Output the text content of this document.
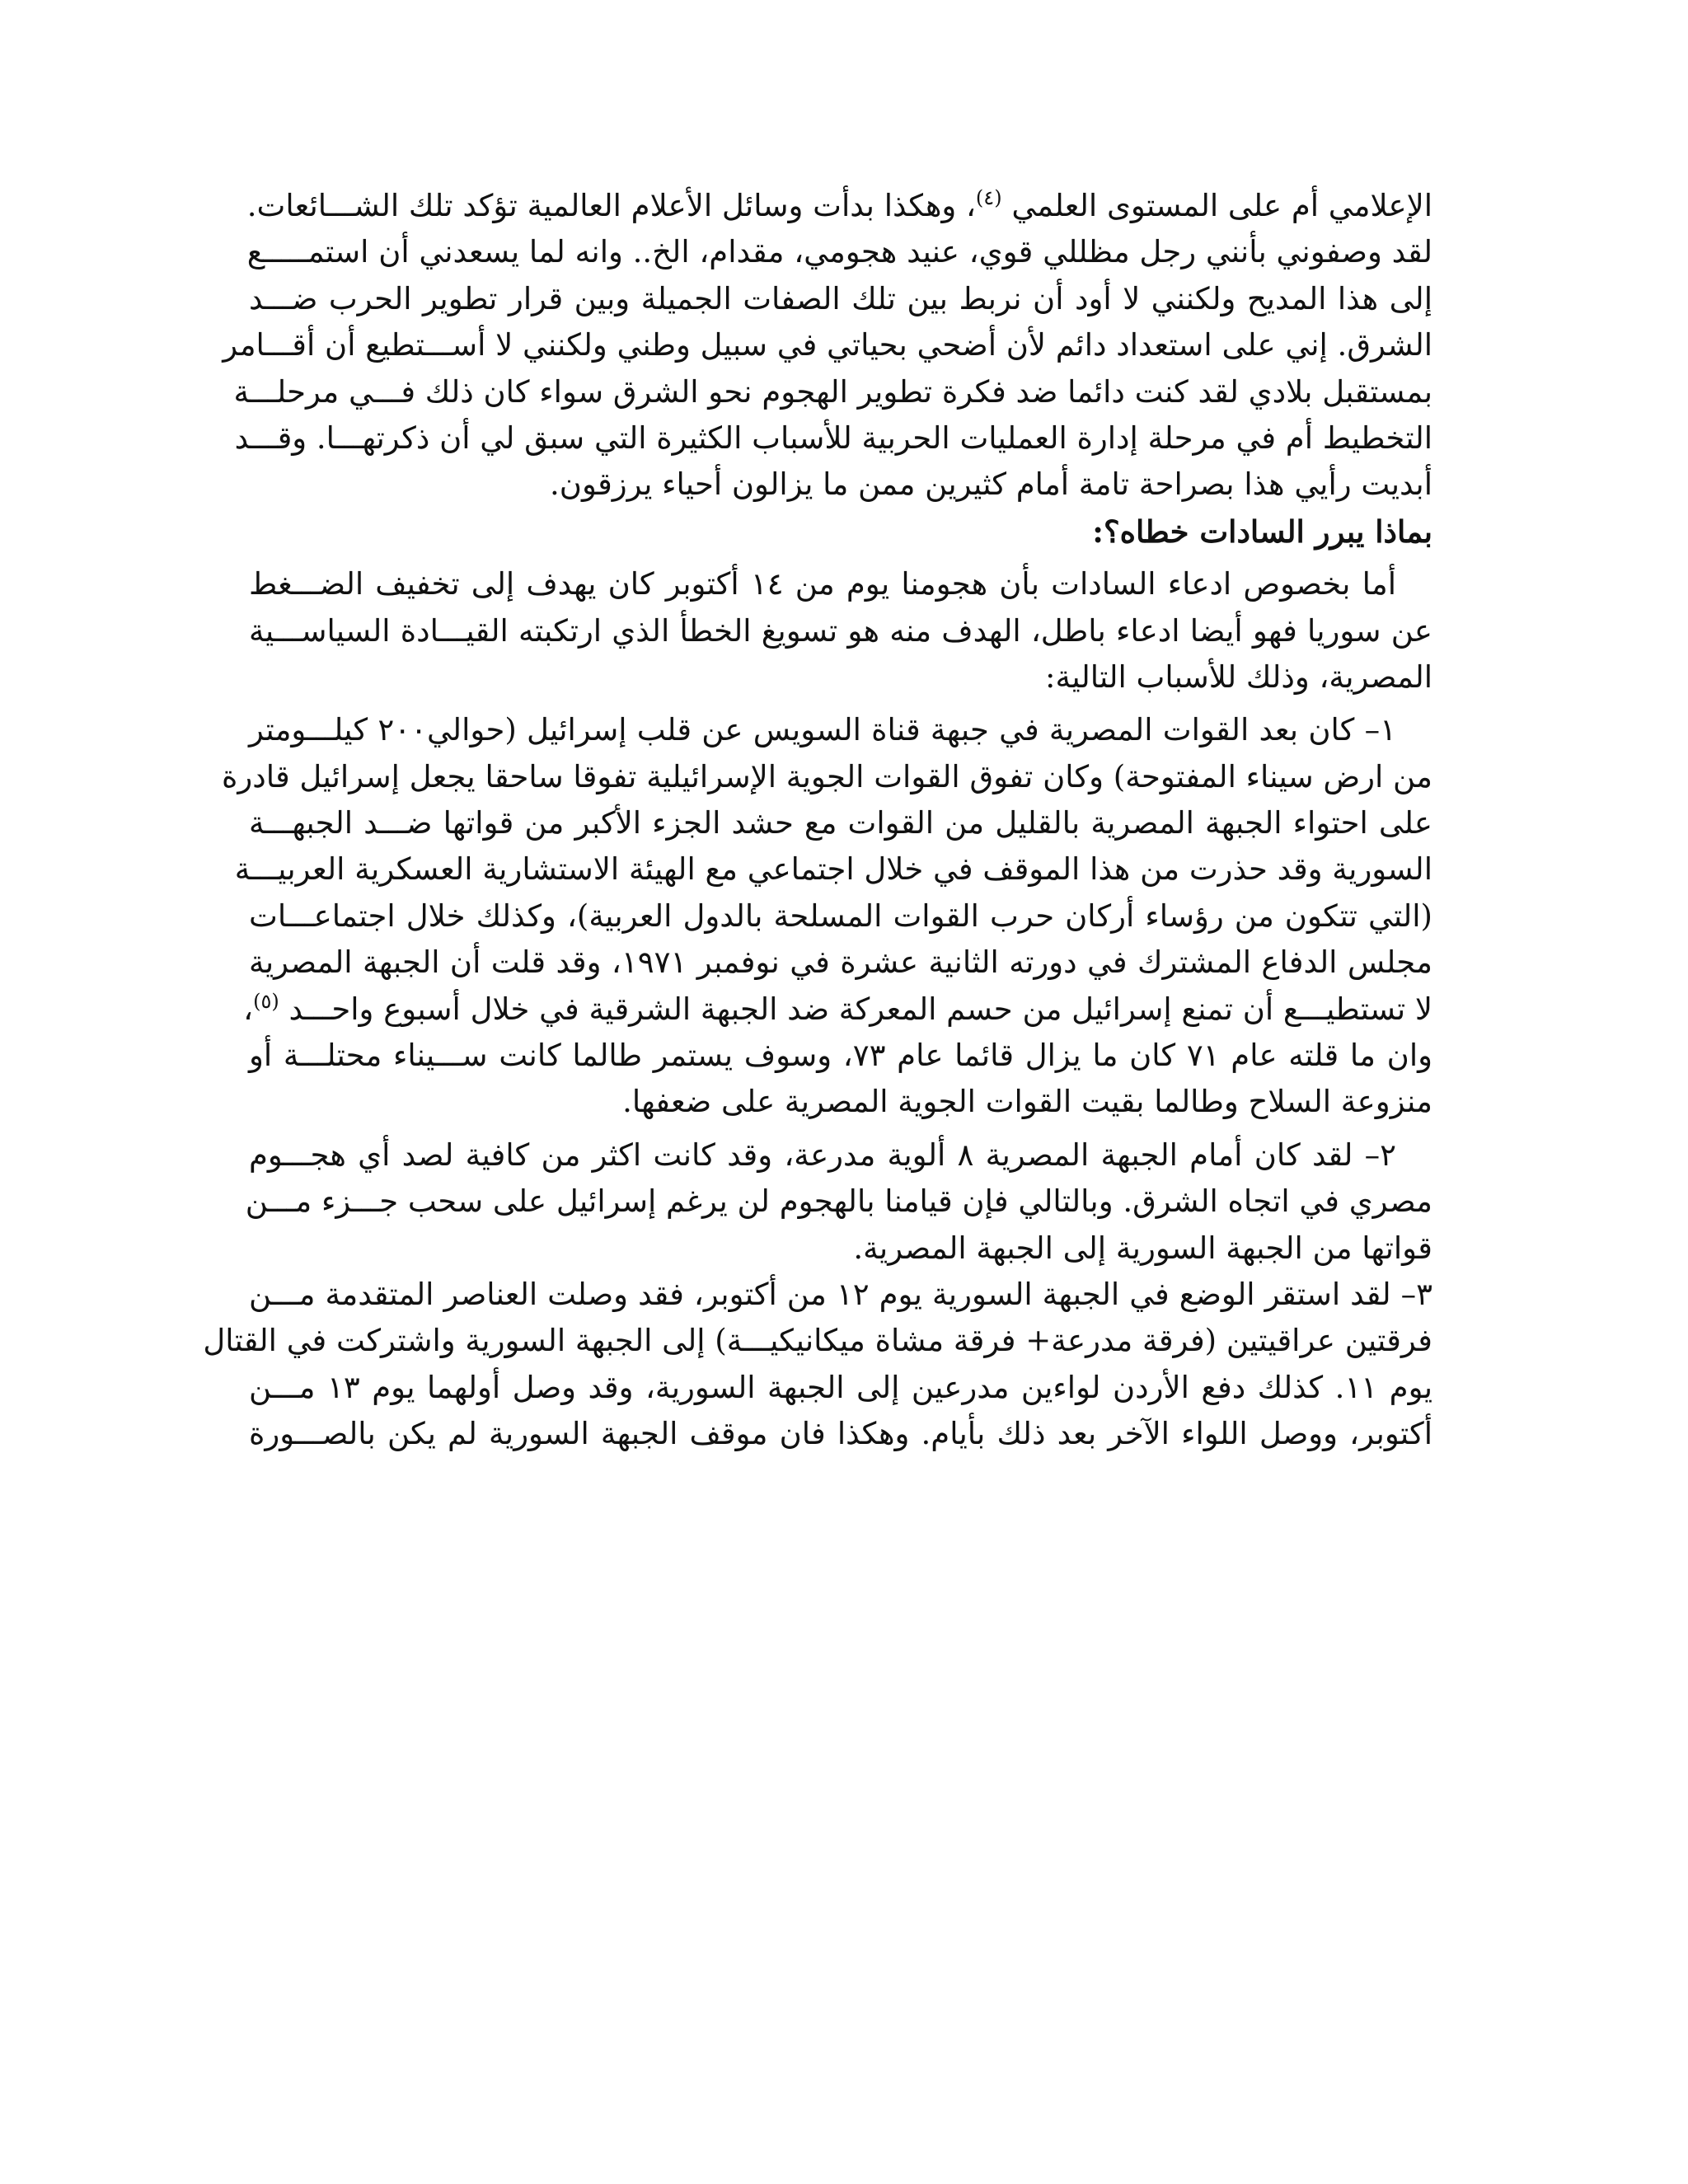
الإعلامي أم على المستوى العلمي $^{(٤)}$، وهكذا بدأت وسائل الأعلام العالمية تؤكد تلك الشـــائعات.
لقد وصفوني بأنني رجل مظللي قوي، عنيد هجومي، مقدام، الخ.. وانه لما يسعدني أن استمـــــع
إلى هذا المديح ولكنني لا أود أن نربط بين تلك الصفات الجميلة وبين قرار تطوير الحرب ضـــد
الشرق. إني على استعداد دائم لأن أضحي بحياتي في سبيل وطني ولكنني لا أســـتطيع أن أقـــامر
بمستقبل بلادي لقد كنت دائما ضد فكرة تطوير الهجوم نحو الشرق سواء كان ذلك فـــي مرحلـــة
التخطيط أم في مرحلة إدارة العمليات الحربية للأسباب الكثيرة التي سبق لي أن ذكرتهـــا. وقـــد
أبديت رأيي هذا بصراحة تامة أمام كثيرين ممن ما يزالون أحياء يرزقون.
بماذا يبرر السادات خطاه؟:
أما بخصوص ادعاء السادات بأن هجومنا يوم من ١٤ أكتوبر كان يهدف إلى تخفيف الضـــغط
عن سوريا فهو أيضا ادعاء باطل، الهدف منه هو تسويغ الخطأ الذي ارتكبته القيـــادة السياســـية
المصرية، وذلك للأسباب التالية:
١– كان بعد القوات المصرية في جبهة قناة السويس عن قلب إسرائيل (حوالي٢٠٠ كيلـــومتر
من ارض سيناء المفتوحة) وكان تفوق القوات الجوية الإسرائيلية تفوقا ساحقا يجعل إسرائيل قادرة
على احتواء الجبهة المصرية بالقليل من القوات مع حشد الجزء الأكبر من قواتها ضـــد الجبهـــة
السورية وقد حذرت من هذا الموقف في خلال اجتماعي مع الهيئة الاستشارية العسكرية العربيـــة
(التي تتكون من رؤساء أركان حرب القوات المسلحة بالدول العربية)، وكذلك خلال اجتماعـــات
مجلس الدفاع المشترك في دورته الثانية عشرة في نوفمبر ١٩٧١، وقد قلت أن الجبهة المصرية
لا تستطيـــع أن تمنع إسرائيل من حسم المعركة ضد الجبهة الشرقية في خلال أسبوع واحـــد $^{(٥)}$،
وان ما قلته عام ٧١ كان ما يزال قائما عام ٧٣، وسوف يستمر طالما كانت ســـيناء محتلـــة أو
منزوعة السلاح وطالما بقيت القوات الجوية المصرية على ضعفها.
٢– لقد كان أمام الجبهة المصرية ٨ ألوية مدرعة، وقد كانت اكثر من كافية لصد أي هجـــوم
مصري في اتجاه الشرق. وبالتالي فإن قيامنا بالهجوم لن يرغم إسرائيل على سحب جـــزء مـــن
قواتها من الجبهة السورية إلى الجبهة المصرية.
٣– لقد استقر الوضع في الجبهة السورية يوم ١٢ من أكتوبر، فقد وصلت العناصر المتقدمة مـــن
فرقتين عراقيتين (فرقة مدرعة+ فرقة مشاة ميكانيكيـــة) إلى الجبهة السورية واشتركت في القتال
يوم ١١. كذلك دفع الأردن لواءين مدرعين إلى الجبهة السورية، وقد وصل أولهما يوم ١٣ مـــن
أكتوبر، ووصل اللواء الآخر بعد ذلك بأيام. وهكذا فان موقف الجبهة السورية لم يكن بالصـــورة
